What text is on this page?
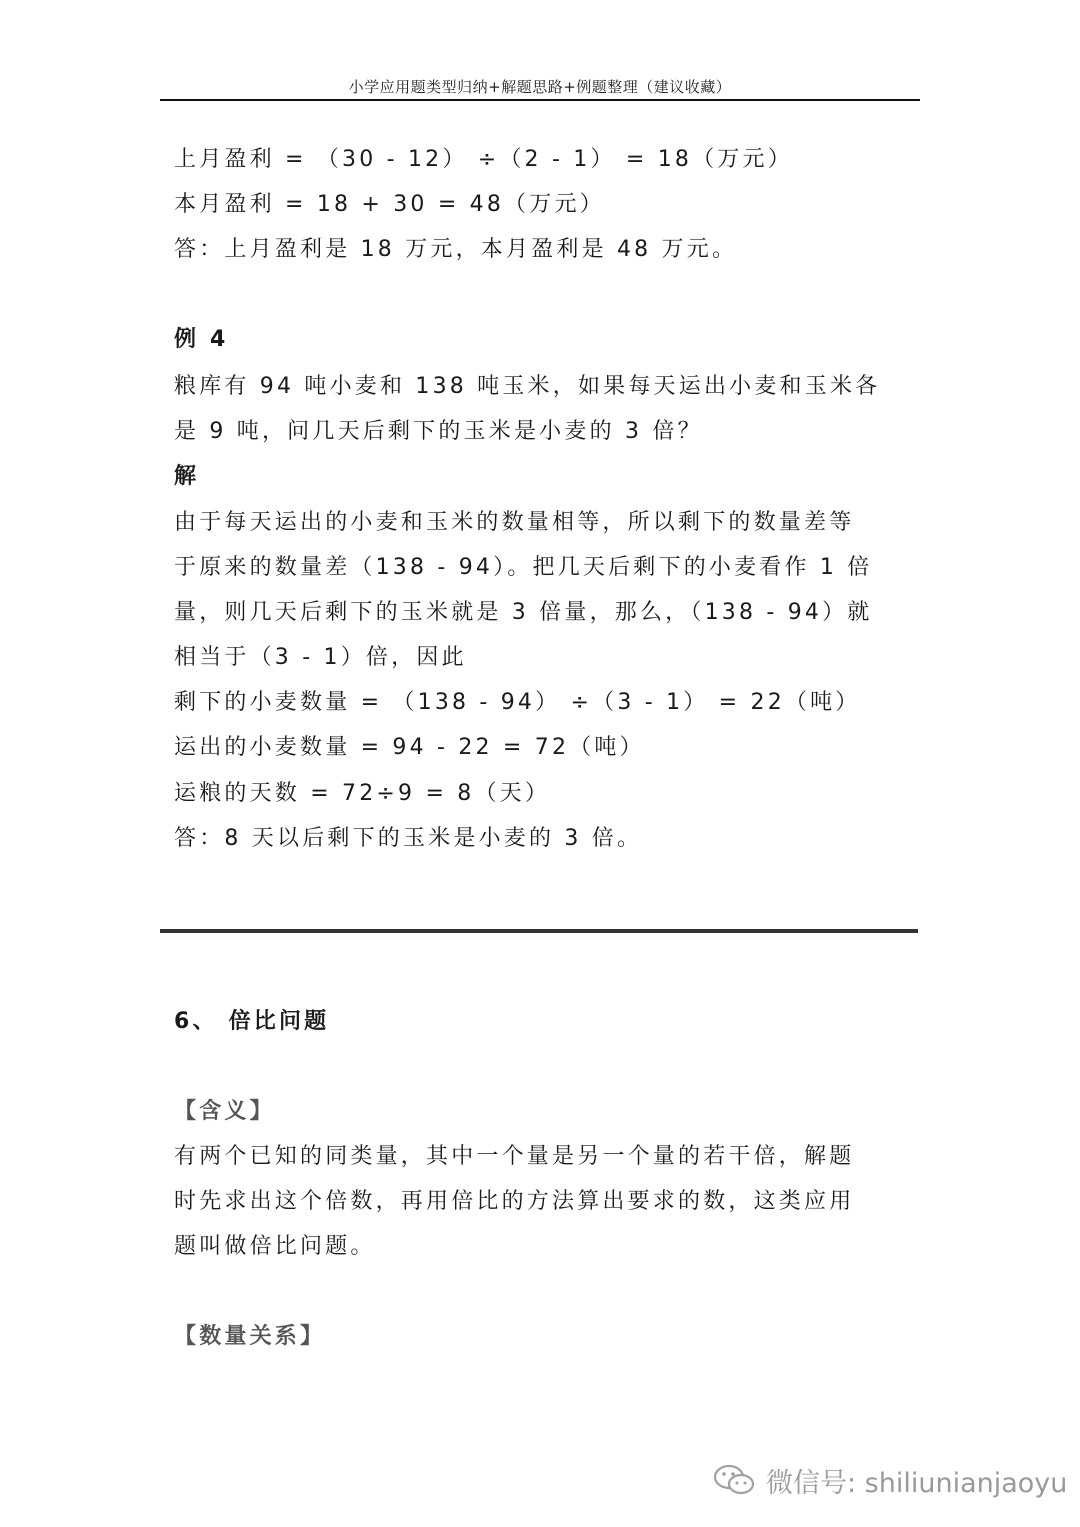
小学应用题类型归纳+解题思路+例题整理（建议收藏）
上月盈利 = （30 - 12） ÷（2 - 1） = 18（万元）
本月盈利 = 18 + 30 = 48（万元）
答：上月盈利是 18 万元，本月盈利是 48 万元。
例 4
粮库有 94 吨小麦和 138 吨玉米，如果每天运出小麦和玉米各
是 9 吨，问几天后剩下的玉米是小麦的 3 倍？
解
由于每天运出的小麦和玉米的数量相等，所以剩下的数量差等
于原来的数量差（138 - 94）。把几天后剩下的小麦看作 1 倍
量，则几天后剩下的玉米就是 3 倍量，那么，（138 - 94）就
相当于（3 - 1）倍，因此
剩下的小麦数量 = （138 - 94） ÷（3 - 1） = 22（吨）
运出的小麦数量 = 94 - 22 = 72（吨）
运粮的天数 = 72÷9 = 8（天）
答：8 天以后剩下的玉米是小麦的 3 倍。
6、 倍比问题
【含义】
有两个已知的同类量，其中一个量是另一个量的若干倍，解题
时先求出这个倍数，再用倍比的方法算出要求的数，这类应用
题叫做倍比问题。
【数量关系】
微信号: shiliunianjaoyu
